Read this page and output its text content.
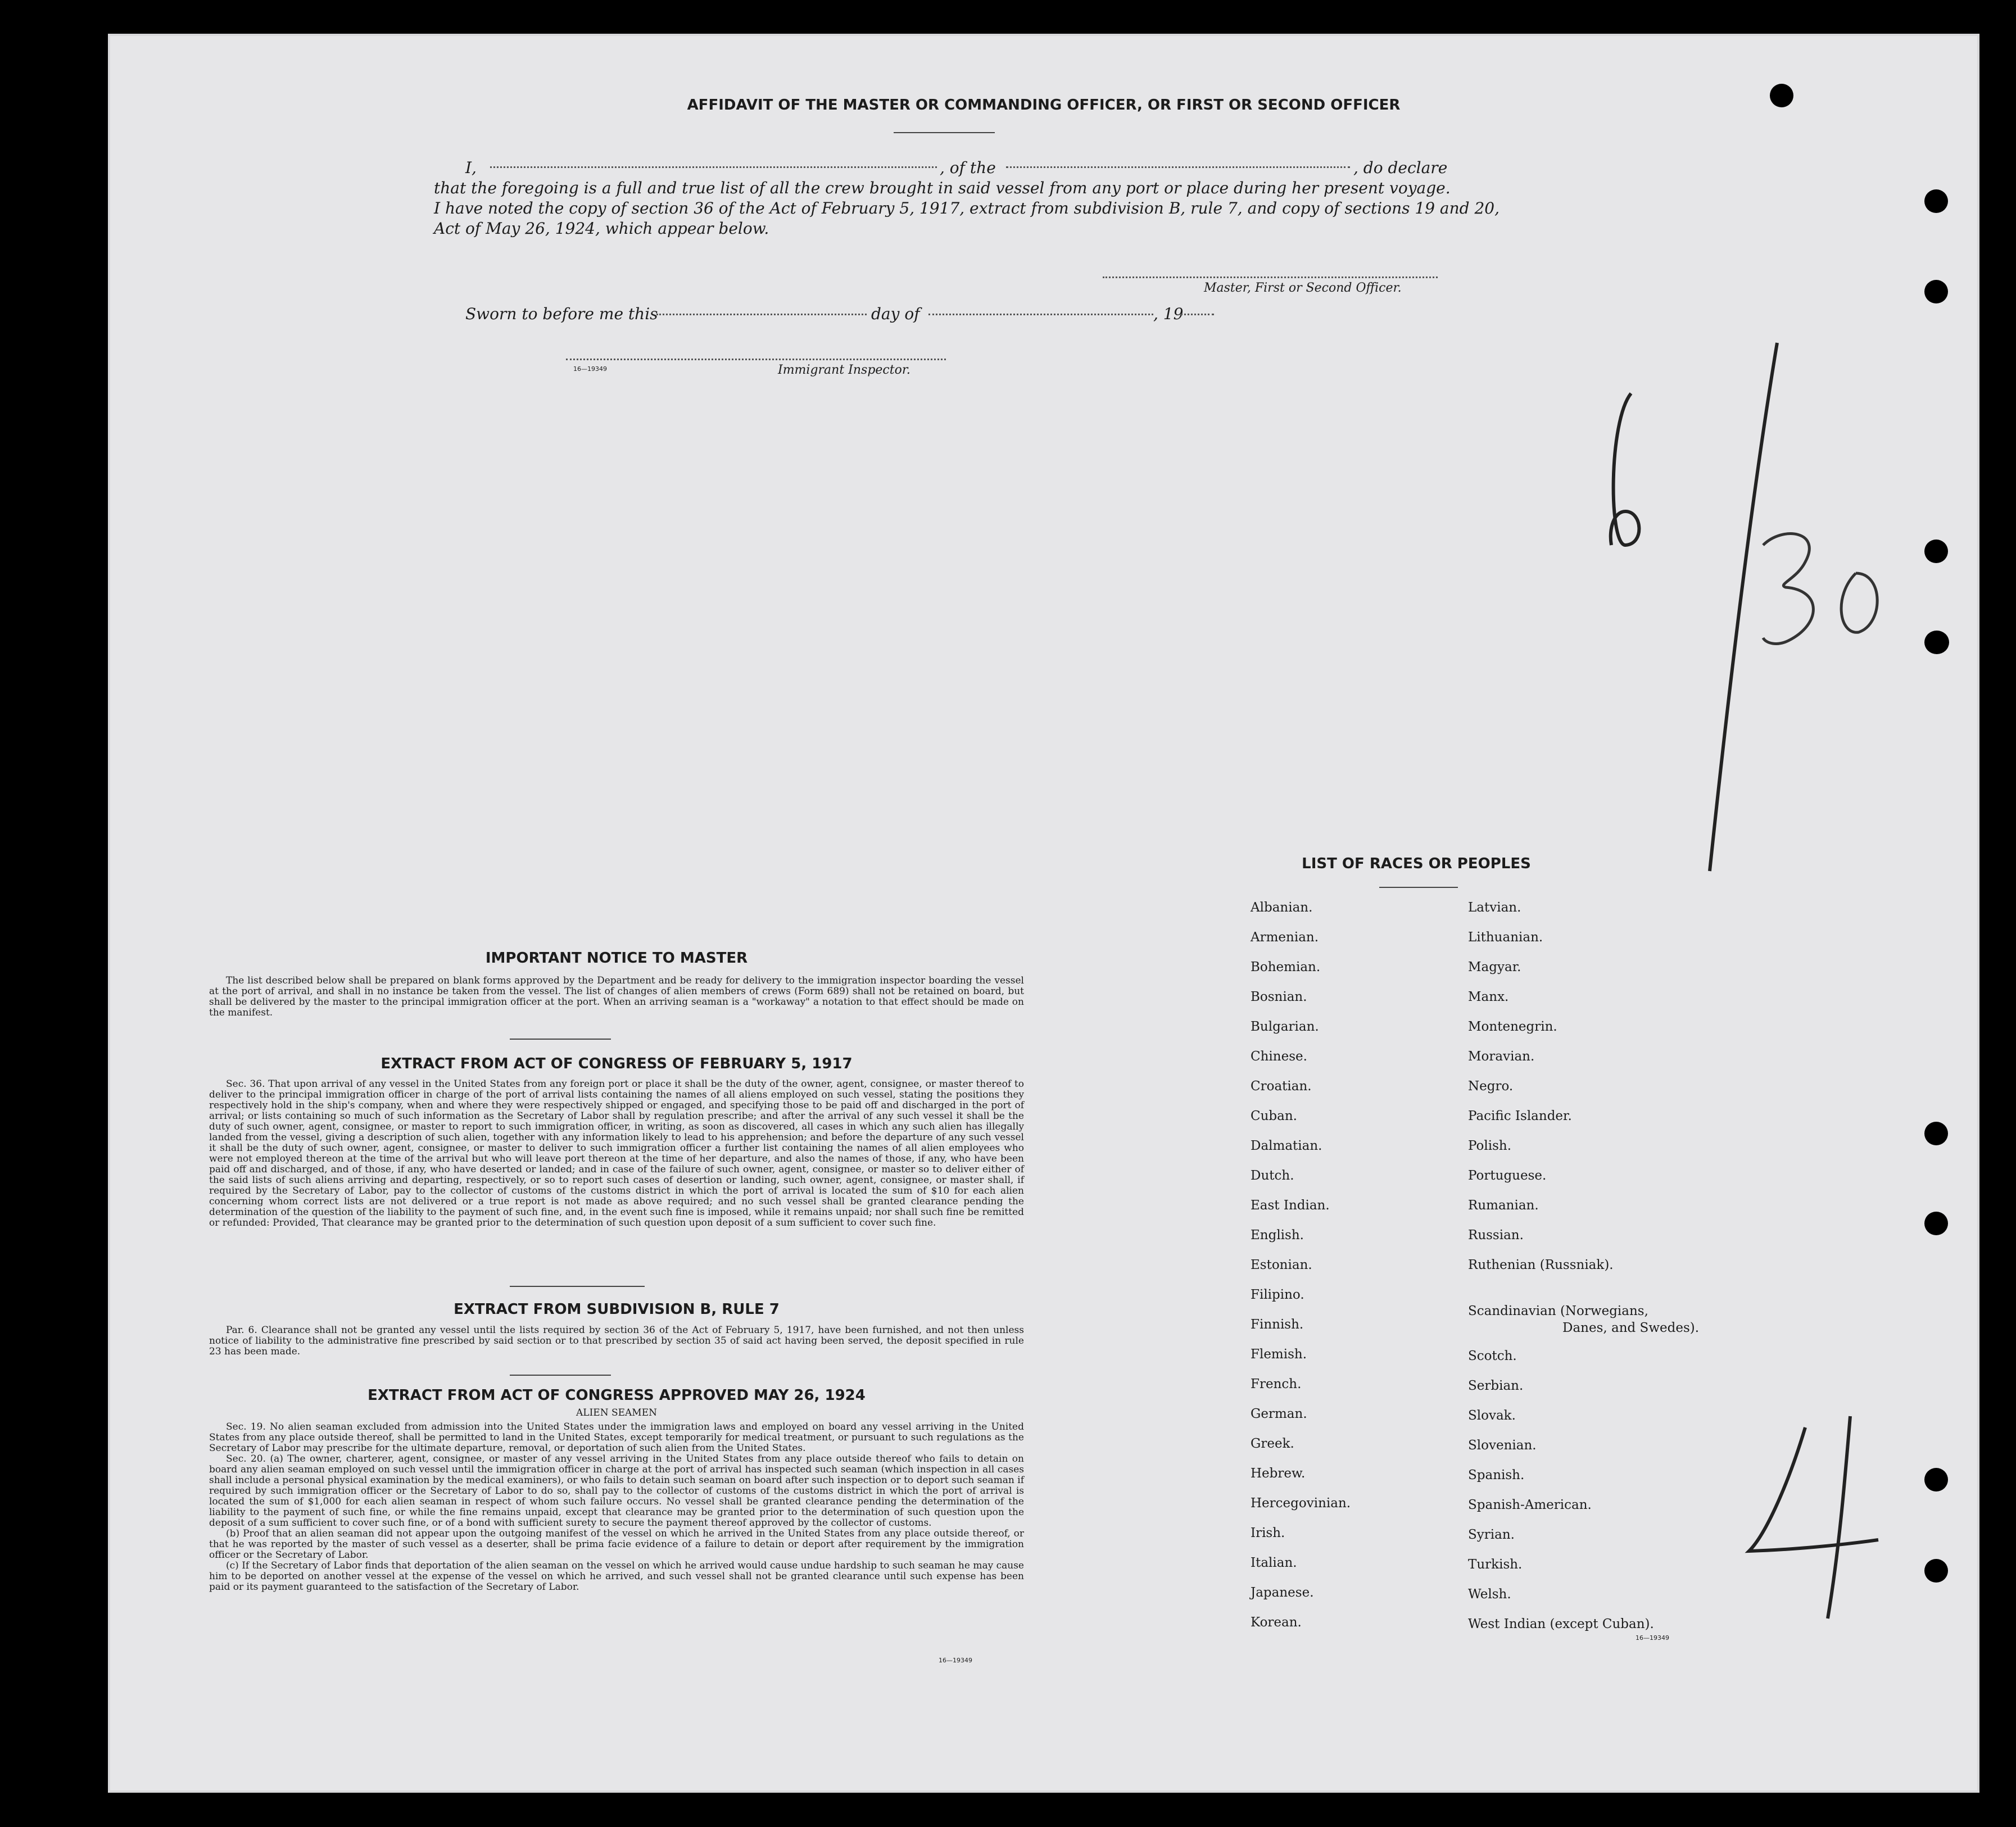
AFFIDAVIT OF THE MASTER OR COMMANDING OFFICER, OR FIRST OR SECOND OFFICER
I,	, of the	, do declare
that the foregoing is a full and true list of all the crew brought in said vessel from any port or place during her present voyage.
I have noted the copy of section 36 of the Act of February 5, 1917, extract from subdivision B, rule 7, and copy of sections 19 and 20,
Act of May 26, 1924, which appear below.
Master, First or Second Officer.
Sworn to before me this	day of	, 19
16—19349	Immigrant Inspector.
IMPORTANT NOTICE TO MASTER

The list described below shall be prepared on blank forms approved by the Department and be ready for delivery to the immigration inspector boarding the vessel at the port of arrival, and shall in no instance be taken from the vessel. The list of changes of alien members of crews (Form 689) shall not be retained on board, but shall be delivered by the master to the principal immigration officer at the port. When an arriving seaman is a "workaway" a notation to that effect should be made on the manifest.

EXTRACT FROM ACT OF CONGRESS OF FEBRUARY 5, 1917

Sec. 36. That upon arrival of any vessel in the United States from any foreign port or place it shall be the duty of the owner, agent, consignee, or master thereof to deliver to the principal immigration officer in charge of the port of arrival lists containing the names of all aliens employed on such vessel, stating the positions they respectively hold in the ship's company, when and where they were respectively shipped or engaged, and specifying those to be paid off and discharged in the port of arrival; or lists containing so much of such information as the Secretary of Labor shall by regulation prescribe; and after the arrival of any such vessel it shall be the duty of such owner, agent, consignee, or master to report to such immigration officer, in writing, as soon as discovered, all cases in which any such alien has illegally landed from the vessel, giving a description of such alien, together with any information likely to lead to his apprehension; and before the departure of any such vessel it shall be the duty of such owner, agent, consignee, or master to deliver to such immigration officer a further list containing the names of all alien employees who were not employed thereon at the time of the arrival but who will leave port thereon at the time of her departure, and also the names of those, if any, who have been paid off and discharged, and of those, if any, who have deserted or landed; and in case of the failure of such owner, agent, consignee, or master so to deliver either of the said lists of such aliens arriving and departing, respectively, or so to report such cases of desertion or landing, such owner, agent, consignee, or master shall, if required by the Secretary of Labor, pay to the collector of customs of the customs district in which the port of arrival is located the sum of $10 for each alien concerning whom correct lists are not delivered or a true report is not made as above required; and no such vessel shall be granted clearance pending the determination of the question of the liability to the payment of such fine, and, in the event such fine is imposed, while it remains unpaid; nor shall such fine be remitted or refunded: Provided, That clearance may be granted prior to the determination of such question upon deposit of a sum sufficient to cover such fine.

EXTRACT FROM SUBDIVISION B, RULE 7

Par. 6. Clearance shall not be granted any vessel until the lists required by section 36 of the Act of February 5, 1917, have been furnished, and not then unless notice of liability to the administrative fine prescribed by said section or to that prescribed by section 35 of said act having been served, the deposit specified in rule 23 has been made.

EXTRACT FROM ACT OF CONGRESS APPROVED MAY 26, 1924
ALIEN SEAMEN

Sec. 19. No alien seaman excluded from admission into the United States under the immigration laws and employed on board any vessel arriving in the United States from any place outside thereof, shall be permitted to land in the United States, except temporarily for medical treatment, or pursuant to such regulations as the Secretary of Labor may prescribe for the ultimate departure, removal, or deportation of such alien from the United States.

Sec. 20. (a) The owner, charterer, agent, consignee, or master of any vessel arriving in the United States from any place outside thereof who fails to detain on board any alien seaman employed on such vessel until the immigration officer in charge at the port of arrival has inspected such seaman (which inspection in all cases shall include a personal physical examination by the medical examiners), or who fails to detain such seaman on board after such inspection or to deport such seaman if required by such immigration officer or the Secretary of Labor to do so, shall pay to the collector of customs of the customs district in which the port of arrival is located the sum of $1,000 for each alien seaman in respect of whom such failure occurs. No vessel shall be granted clearance pending the determination of the liability to the payment of such fine, or while the fine remains unpaid, except that clearance may be granted prior to the determination of such question upon the deposit of a sum sufficient to cover such fine, or of a bond with sufficient surety to secure the payment thereof approved by the collector of customs.

(b) Proof that an alien seaman did not appear upon the outgoing manifest of the vessel on which he arrived in the United States from any place outside thereof, or that he was reported by the master of such vessel as a deserter, shall be prima facie evidence of a failure to detain or deport after requirement by the immigration officer or the Secretary of Labor.

(c) If the Secretary of Labor finds that deportation of the alien seaman on the vessel on which he arrived would cause undue hardship to such seaman he may cause him to be deported on another vessel at the expense of the vessel on which he arrived, and such vessel shall not be granted clearance until such expense has been paid or its payment guaranteed to the satisfaction of the Secretary of Labor.

16—19349
LIST OF RACES OR PEOPLES
Albanian.
Armenian.
Bohemian.
Bosnian.
Bulgarian.
Chinese.
Croatian.
Cuban.
Dalmatian.
Dutch.
East Indian.
English.
Estonian.
Filipino.
Finnish.
Flemish.
French.
German.
Greek.
Hebrew.
Hercegovinian.
Irish.
Italian.
Japanese.
Korean.
Latvian.
Lithuanian.
Magyar.
Manx.
Montenegrin.
Moravian.
Negro.
Pacific Islander.
Polish.
Portuguese.
Rumanian.
Russian.
Ruthenian (Russniak).
Scandinavian (Norwegians,
Scotch.
Serbian.
Slovak.
Slovenian.
Spanish.
Spanish-American.
Syrian.
Turkish.
Welsh.
West Indian (except Cuban).
Danes, and Swedes).
16—19349
